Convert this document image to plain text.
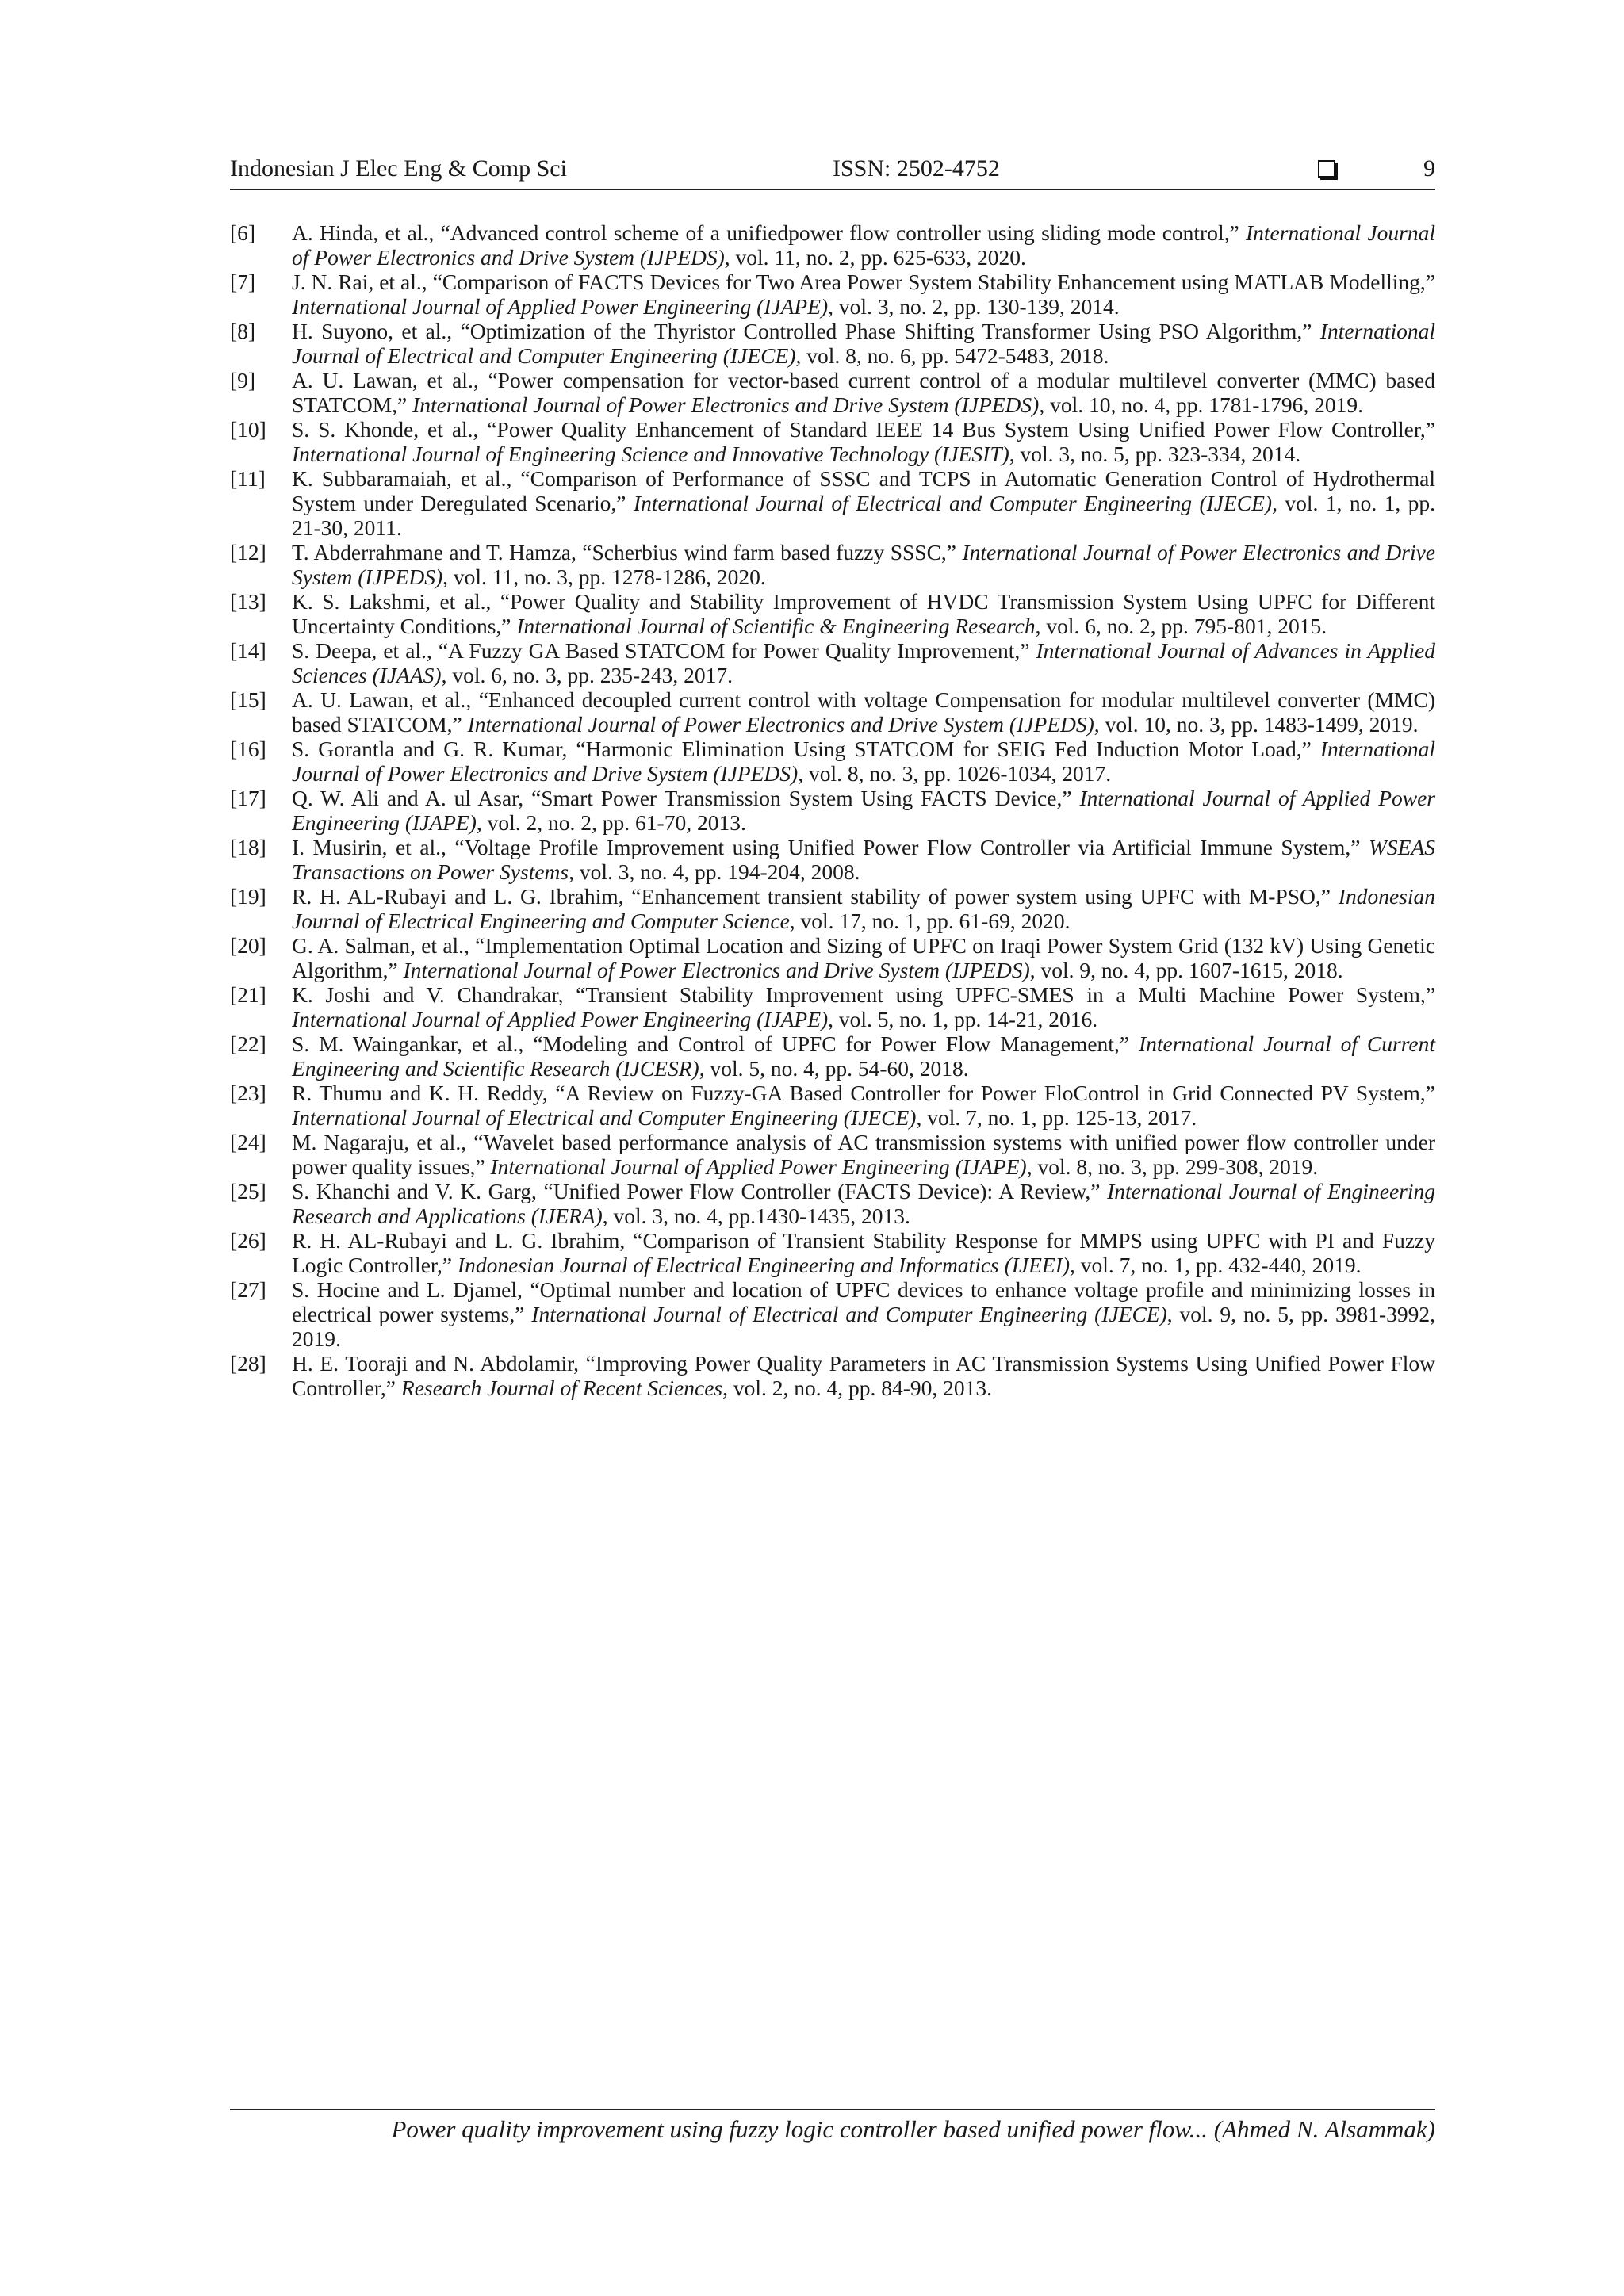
Indonesian J Elec Eng & Comp Sci	ISSN: 2502-4752	9
[6] A. Hinda, et al., “Advanced control scheme of a unifiedpower flow controller using sliding mode control,” International Journal of Power Electronics and Drive System (IJPEDS), vol. 11, no. 2, pp. 625-633, 2020.
[7] J. N. Rai, et al., “Comparison of FACTS Devices for Two Area Power System Stability Enhancement using MATLAB Modelling,” International Journal of Applied Power Engineering (IJAPE), vol. 3, no. 2, pp. 130-139, 2014.
[8] H. Suyono, et al., “Optimization of the Thyristor Controlled Phase Shifting Transformer Using PSO Algorithm,” International Journal of Electrical and Computer Engineering (IJECE), vol. 8, no. 6, pp. 5472-5483, 2018.
[9] A. U. Lawan, et al., “Power compensation for vector-based current control of a modular multilevel converter (MMC) based STATCOM,” International Journal of Power Electronics and Drive System (IJPEDS), vol. 10, no. 4, pp. 1781-1796, 2019.
[10] S. S. Khonde, et al., “Power Quality Enhancement of Standard IEEE 14 Bus System Using Unified Power Flow Controller,” International Journal of Engineering Science and Innovative Technology (IJESIT), vol. 3, no. 5, pp. 323-334, 2014.
[11] K. Subbaramaiah, et al., “Comparison of Performance of SSSC and TCPS in Automatic Generation Control of Hydrothermal System under Deregulated Scenario,” International Journal of Electrical and Computer Engineering (IJECE), vol. 1, no. 1, pp. 21-30, 2011.
[12] T. Abderrahmane and T. Hamza, “Scherbius wind farm based fuzzy SSSC,” International Journal of Power Electronics and Drive System (IJPEDS), vol. 11, no. 3, pp. 1278-1286, 2020.
[13] K. S. Lakshmi, et al., “Power Quality and Stability Improvement of HVDC Transmission System Using UPFC for Different Uncertainty Conditions,” International Journal of Scientific & Engineering Research, vol. 6, no. 2, pp. 795-801, 2015.
[14] S. Deepa, et al., “A Fuzzy GA Based STATCOM for Power Quality Improvement,” International Journal of Advances in Applied Sciences (IJAAS), vol. 6, no. 3, pp. 235-243, 2017.
[15] A. U. Lawan, et al., “Enhanced decoupled current control with voltage Compensation for modular multilevel converter (MMC) based STATCOM,” International Journal of Power Electronics and Drive System (IJPEDS), vol. 10, no. 3, pp. 1483-1499, 2019.
[16] S. Gorantla and G. R. Kumar, “Harmonic Elimination Using STATCOM for SEIG Fed Induction Motor Load,” International Journal of Power Electronics and Drive System (IJPEDS), vol. 8, no. 3, pp. 1026-1034, 2017.
[17] Q. W. Ali and A. ul Asar, “Smart Power Transmission System Using FACTS Device,” International Journal of Applied Power Engineering (IJAPE), vol. 2, no. 2, pp. 61-70, 2013.
[18] I. Musirin, et al., “Voltage Profile Improvement using Unified Power Flow Controller via Artificial Immune System,” WSEAS Transactions on Power Systems, vol. 3, no. 4, pp. 194-204, 2008.
[19] R. H. AL-Rubayi and L. G. Ibrahim, “Enhancement transient stability of power system using UPFC with M-PSO,” Indonesian Journal of Electrical Engineering and Computer Science, vol. 17, no. 1, pp. 61-69, 2020.
[20] G. A. Salman, et al., “Implementation Optimal Location and Sizing of UPFC on Iraqi Power System Grid (132 kV) Using Genetic Algorithm,” International Journal of Power Electronics and Drive System (IJPEDS), vol. 9, no. 4, pp. 1607-1615, 2018.
[21] K. Joshi and V. Chandrakar, “Transient Stability Improvement using UPFC-SMES in a Multi Machine Power System,” International Journal of Applied Power Engineering (IJAPE), vol. 5, no. 1, pp. 14-21, 2016.
[22] S. M. Waingankar, et al., “Modeling and Control of UPFC for Power Flow Management,” International Journal of Current Engineering and Scientific Research (IJCESR), vol. 5, no. 4, pp. 54-60, 2018.
[23] R. Thumu and K. H. Reddy, “A Review on Fuzzy-GA Based Controller for Power FloControl in Grid Connected PV System,” International Journal of Electrical and Computer Engineering (IJECE), vol. 7, no. 1, pp. 125-13, 2017.
[24] M. Nagaraju, et al., “Wavelet based performance analysis of AC transmission systems with unified power flow controller under power quality issues,” International Journal of Applied Power Engineering (IJAPE), vol. 8, no. 3, pp. 299-308, 2019.
[25] S. Khanchi and V. K. Garg, “Unified Power Flow Controller (FACTS Device): A Review,” International Journal of Engineering Research and Applications (IJERA), vol. 3, no. 4, pp.1430-1435, 2013.
[26] R. H. AL-Rubayi and L. G. Ibrahim, “Comparison of Transient Stability Response for MMPS using UPFC with PI and Fuzzy Logic Controller,” Indonesian Journal of Electrical Engineering and Informatics (IJEEI), vol. 7, no. 1, pp. 432-440, 2019.
[27] S. Hocine and L. Djamel, “Optimal number and location of UPFC devices to enhance voltage profile and minimizing losses in electrical power systems,” International Journal of Electrical and Computer Engineering (IJECE), vol. 9, no. 5, pp. 3981-3992, 2019.
[28] H. E. Tooraji and N. Abdolamir, “Improving Power Quality Parameters in AC Transmission Systems Using Unified Power Flow Controller,” Research Journal of Recent Sciences, vol. 2, no. 4, pp. 84-90, 2013.
Power quality improvement using fuzzy logic controller based unified power flow... (Ahmed N. Alsammak)
